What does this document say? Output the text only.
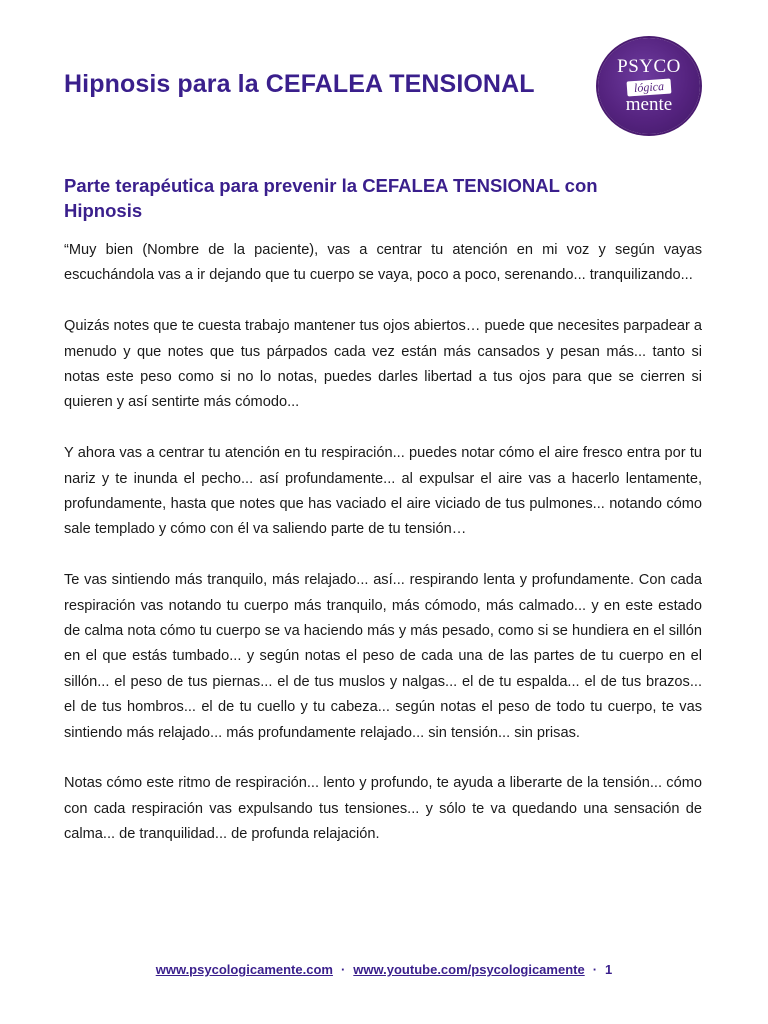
Hipnosis para la CEFALEA TENSIONAL
PSYCO
lógica
mente
Parte terapéutica para prevenir la CEFALEA TENSIONAL con Hipnosis

“Muy bien (Nombre de la paciente), vas a centrar tu atención en mi voz y según vayas escuchándola vas a ir dejando que tu cuerpo se vaya, poco a poco, serenando... tranquilizando...

Quizás notes que te cuesta trabajo mantener tus ojos abiertos… puede que necesites parpadear a menudo y que notes que tus párpados cada vez están más cansados y pesan más... tanto si notas este peso como si no lo notas, puedes darles libertad a tus ojos para que se cierren si quieren y así sentirte más cómodo...

Y ahora vas a centrar tu atención en tu respiración... puedes notar cómo el aire fresco entra por tu nariz y te inunda el pecho... así profundamente... al expulsar el aire vas a hacerlo lentamente, profundamente, hasta que notes que has vaciado el aire viciado de tus pulmones... notando cómo sale templado y cómo con él va saliendo parte de tu tensión…

Te vas sintiendo más tranquilo, más relajado... así... respirando lenta y profundamente. Con cada respiración vas notando tu cuerpo más tranquilo, más cómodo, más calmado... y en este estado de calma nota cómo tu cuerpo se va haciendo más y más pesado, como si se hundiera en el sillón en el que estás tumbado... y según notas el peso de cada una de las partes de tu cuerpo en el sillón... el peso de tus piernas... el de tus muslos y nalgas... el de tu espalda... el de tus brazos... el de tus hombros... el de tu cuello y tu cabeza... según notas el peso de todo tu cuerpo, te vas sintiendo más relajado... más profundamente relajado... sin tensión... sin prisas.

Notas cómo este ritmo de respiración... lento y profundo, te ayuda a liberarte de la tensión... cómo con cada respiración vas expulsando tus tensiones... y sólo te va quedando una sensación de calma... de tranquilidad... de profunda relajación.

www.psycologicamente.com · www.youtube.com/psycologicamente · 1
